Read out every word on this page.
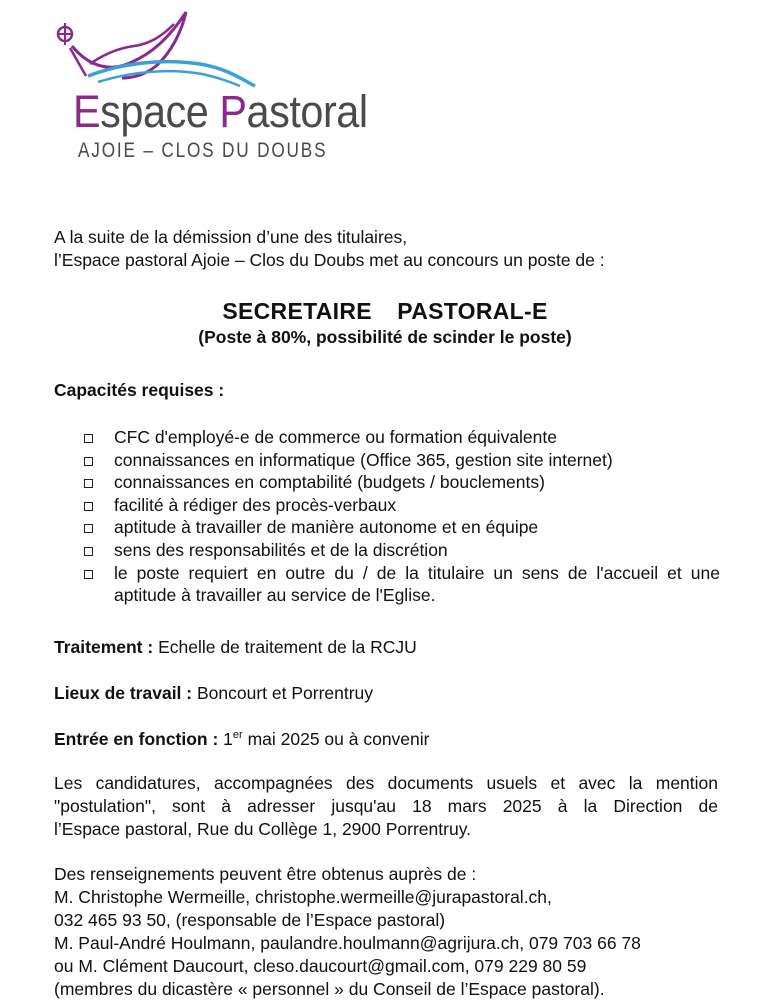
Espace Pastoral
AJOIE – CLOS DU DOUBS
A la suite de la démission d’une des titulaires,
l’Espace pastoral Ajoie – Clos du Doubs met au concours un poste de :
SECRETAIRE  PASTORAL-E
(Poste à 80%, possibilité de scinder le poste)
Capacités requises :
CFC d'employé-e de commerce ou formation équivalente
connaissances en informatique (Office 365, gestion site internet)
connaissances en comptabilité (budgets / bouclements)
facilité à rédiger des procès-verbaux
aptitude à travailler de manière autonome et en équipe
sens des responsabilités et de la discrétion
le poste requiert en outre du / de la titulaire un sens de l'accueil et une aptitude à travailler au service de l'Eglise.
Traitement : Echelle de traitement de la RCJU
Lieux de travail : Boncourt et Porrentruy
Entrée en fonction : 1er mai 2025 ou à convenir
Les candidatures, accompagnées des documents usuels et avec la mention
"postulation", sont à adresser jusqu'au 18 mars 2025 à la Direction de
l’Espace pastoral, Rue du Collège 1, 2900 Porrentruy.
Des renseignements peuvent être obtenus auprès de :
M. Christophe Wermeille, christophe.wermeille@jurapastoral.ch,
032 465 93 50, (responsable de l’Espace pastoral)
M. Paul-André Houlmann, paulandre.houlmann@agrijura.ch, 079 703 66 78
ou M. Clément Daucourt, cleso.daucourt@gmail.com, 079 229 80 59
(membres du dicastère « personnel » du Conseil de l’Espace pastoral).
